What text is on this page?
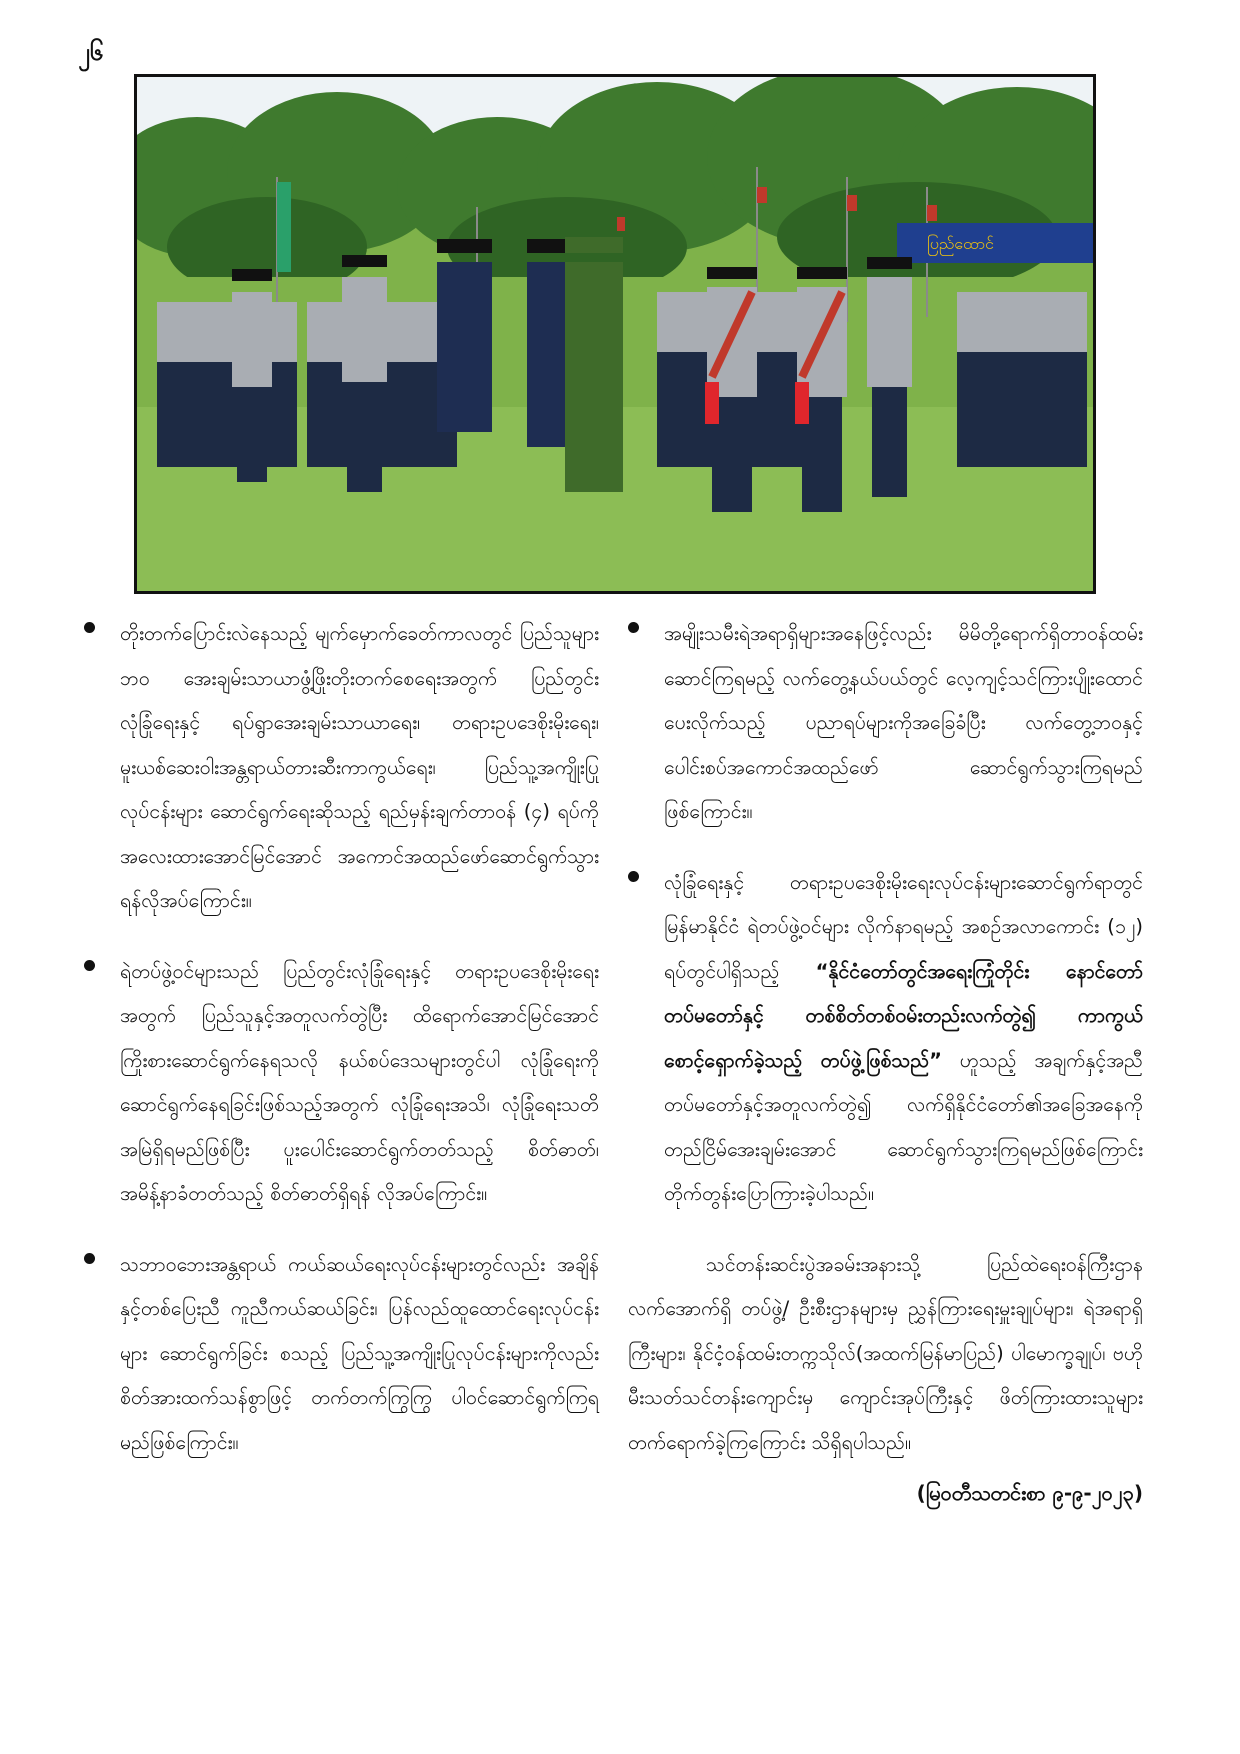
၂၆
ပြည်ထောင်

တိုးတက်ပြောင်းလဲနေသည့် မျက်မှောက်ခေတ်ကာလတွင် ပြည်သူများဘဝ အေးချမ်းသာယာဖွံ့ဖြိုးတိုးတက်စေရေးအတွက် ပြည်တွင်းလုံခြုံရေးနှင့် ရပ်ရွာအေးချမ်းသာယာရေး၊ တရားဥပဒေစိုးမိုးရေး၊ မူးယစ်ဆေးဝါးအန္တရာယ်တားဆီးကာကွယ်ရေး၊ ပြည်သူ့အကျိုးပြုလုပ်ငန်းများ ဆောင်ရွက်ရေးဆိုသည့် ရည်မှန်းချက်တာဝန် (၄) ရပ်ကို အလေးထားအောင်မြင်အောင် အကောင်အထည်ဖော်ဆောင်ရွက်သွားရန်လိုအပ်ကြောင်း။

ရဲတပ်ဖွဲ့ဝင်များသည် ပြည်တွင်းလုံခြုံရေးနှင့် တရားဥပဒေစိုးမိုးရေးအတွက် ပြည်သူနှင့်အတူလက်တွဲပြီး ထိရောက်အောင်မြင်အောင် ကြိုးစားဆောင်ရွက်နေရသလို နယ်စပ်ဒေသများတွင်ပါ လုံခြုံရေးကို ဆောင်ရွက်နေရခြင်းဖြစ်သည့်အတွက် လုံခြုံရေးအသိ၊ လုံခြုံရေးသတိ အမြဲရှိရမည်ဖြစ်ပြီး ပူးပေါင်းဆောင်ရွက်တတ်သည့် စိတ်ဓာတ်၊ အမိန့်နာခံတတ်သည့် စိတ်ဓာတ်ရှိရန် လိုအပ်ကြောင်း။

သဘာဝဘေးအန္တရာယ် ကယ်ဆယ်ရေးလုပ်ငန်းများတွင်လည်း အချိန်နှင့်တစ်ပြေးညီ ကူညီကယ်ဆယ်ခြင်း၊ ပြန်လည်ထူထောင်ရေးလုပ်ငန်းများ ဆောင်ရွက်ခြင်း စသည့် ပြည်သူ့အကျိုးပြုလုပ်ငန်းများကိုလည်း စိတ်အားထက်သန်စွာဖြင့် တက်တက်ကြွကြွ ပါဝင်ဆောင်ရွက်ကြရမည်ဖြစ်ကြောင်း။

အမျိုးသမီးရဲအရာရှိများအနေဖြင့်လည်း မိမိတို့ရောက်ရှိတာဝန်ထမ်းဆောင်ကြရမည့် လက်တွေ့နယ်ပယ်တွင် လေ့ကျင့်သင်ကြားပျိုးထောင်ပေးလိုက်သည့် ပညာရပ်များကိုအခြေခံပြီး လက်တွေ့ဘဝနှင့် ပေါင်းစပ်အကောင်အထည်ဖော် ဆောင်ရွက်သွားကြရမည်ဖြစ်ကြောင်း။

လုံခြုံရေးနှင့် တရားဥပဒေစိုးမိုးရေးလုပ်ငန်းများဆောင်ရွက်ရာတွင် မြန်မာနိုင်ငံ ရဲတပ်ဖွဲ့ဝင်များ လိုက်နာရမည့် အစဉ်အလာကောင်း (၁၂) ရပ်တွင်ပါရှိသည့် “နိုင်ငံတော်တွင်အရေးကြုံတိုင်း နောင်တော်တပ်မတော်နှင့် တစ်စိတ်တစ်ဝမ်းတည်းလက်တွဲ၍ ကာကွယ်စောင့်ရှောက်ခဲ့သည့် တပ်ဖွဲ့ဖြစ်သည်” ဟူသည့် အချက်နှင့်အညီ တပ်မတော်နှင့်အတူလက်တွဲ၍ လက်ရှိနိုင်ငံတော်၏အခြေအနေကို တည်ငြိမ်အေးချမ်းအောင် ဆောင်ရွက်သွားကြရမည်ဖြစ်ကြောင်း တိုက်တွန်းပြောကြားခဲ့ပါသည်။

သင်တန်းဆင်းပွဲအခမ်းအနားသို့ ပြည်ထဲရေးဝန်ကြီးဌာနလက်အောက်ရှိ တပ်ဖွဲ့/ ဦးစီးဌာနများမှ ညွှန်ကြားရေးမှူးချုပ်များ၊ ရဲအရာရှိကြီးများ၊ နိုင်ငံ့ဝန်ထမ်းတက္ကသိုလ်(အထက်မြန်မာပြည်) ပါမောက္ခချုပ်၊ ဗဟိုမီးသတ်သင်တန်းကျောင်းမှ ကျောင်းအုပ်ကြီးနှင့် ဖိတ်ကြားထားသူများ တက်ရောက်ခဲ့ကြကြောင်း သိရှိရပါသည်။

(မြဝတီသတင်းစာ ၉-၉-၂၀၂၃)
